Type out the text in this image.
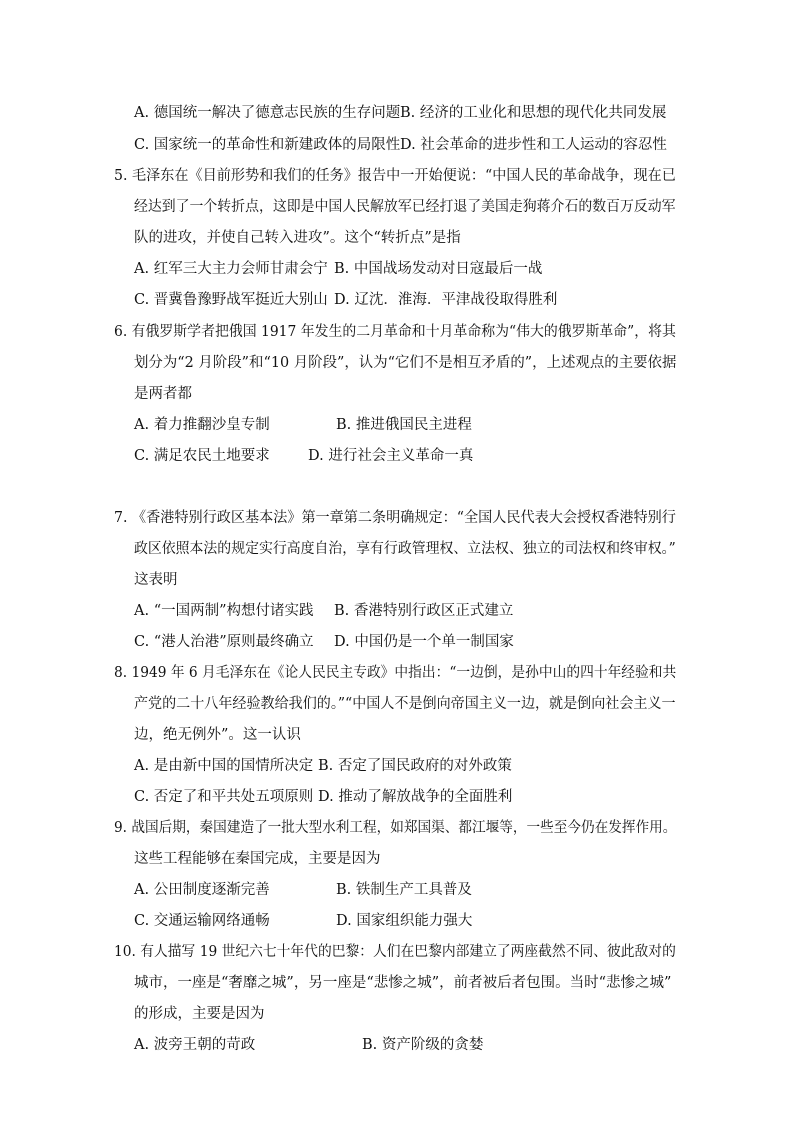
A. 德国统一解决了德意志民族的生存问题 B. 经济的工业化和思想的现代化共同发展
C. 国家统一的革命性和新建政体的局限性 D. 社会革命的进步性和工人运动的容忍性
5. 毛泽东在《目前形势和我们的任务》报告中一开始便说：“中国人民的革命战争，现在已
经达到了一个转折点，这即是中国人民解放军已经打退了美国走狗蒋介石的数百万反动军
队的进攻，并使自己转入进攻”。这个“转折点”是指
A. 红军三大主力会师甘肃会宁 B. 中国战场发动对日寇最后一战
C. 晋冀鲁豫野战军挺近大别山 D. 辽沈．淮海．平津战役取得胜利
6. 有俄罗斯学者把俄国 1917 年发生的二月革命和十月革命称为“伟大的俄罗斯革命”，将其
划分为“2 月阶段”和“10 月阶段”，认为“它们不是相互矛盾的”，上述观点的主要依据
是两者都
A. 着力推翻沙皇专制	B. 推进俄国民主进程
C. 满足农民土地要求	D. 进行社会主义革命一真
7. 《香港特别行政区基本法》第一章第二条明确规定：“全国人民代表大会授权香港特别行
政区依照本法的规定实行高度自治，享有行政管理权、立法权、独立的司法权和终审权。”
这表明
A. “一国两制”构想付诸实践 B. 香港特别行政区正式建立
C. “港人治港”原则最终确立 D. 中国仍是一个单一制国家
8. 1949 年 6 月毛泽东在《论人民民主专政》中指出：“一边倒，是孙中山的四十年经验和共
产党的二十八年经验教给我们的。”“中国人不是倒向帝国主义一边，就是倒向社会主义一
边，绝无例外”。这一认识
A. 是由新中国的国情所决定 B. 否定了国民政府的对外政策
C. 否定了和平共处五项原则 D. 推动了解放战争的全面胜利
9. 战国后期，秦国建造了一批大型水利工程，如郑国渠、都江堰等，一些至今仍在发挥作用。
这些工程能够在秦国完成，主要是因为
A. 公田制度逐渐完善	B. 铁制生产工具普及
C. 交通运输网络通畅	D. 国家组织能力强大
10. 有人描写 19 世纪六七十年代的巴黎：人们在巴黎内部建立了两座截然不同、彼此敌对的
城市，一座是“奢靡之城”，另一座是“悲惨之城”，前者被后者包围。当时“悲惨之城”
的形成，主要是因为
A. 波旁王朝的苛政	B. 资产阶级的贪婪
